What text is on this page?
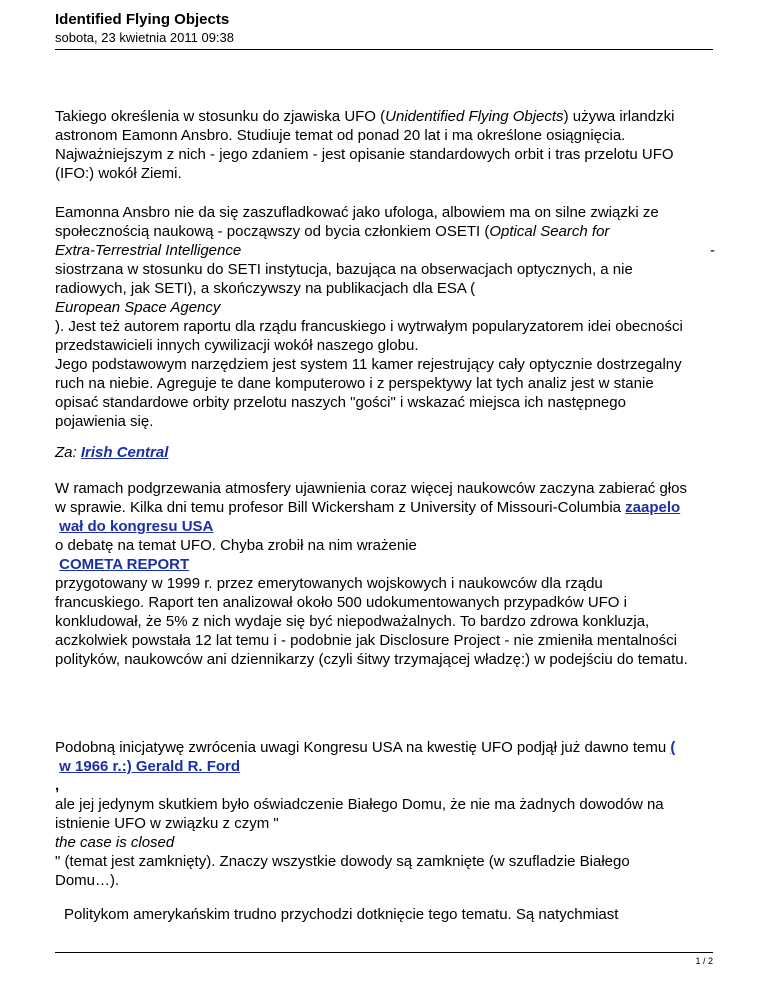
Identified Flying Objects
sobota, 23 kwietnia 2011 09:38
Takiego określenia w stosunku do zjawiska UFO (Unidentified Flying Objects) używa irlandzki
astronom Eamonn Ansbro. Studiuje temat od ponad 20 lat i ma określone osiągnięcia.
Najważniejszym z nich - jego zdaniem - jest opisanie standardowych orbit i tras przelotu UFO
(IFO:) wokół Ziemi.
Eamonna Ansbro nie da się zaszufladkować jako ufologa, albowiem ma on silne związki ze
społecznością naukową - począwszy od bycia członkiem OSETI (Optical Search for
Extra-Terrestrial Intelligence	-
siostrzana w stosunku do SETI instytucja, bazująca na obserwacjach optycznych, a nie
radiowych, jak SETI), a skończywszy na publikacjach dla ESA (
European Space Agency
). Jest też autorem raportu dla rządu francuskiego i wytrwałym popularyzatorem idei obecności
przedstawicieli innych cywilizacji wokół naszego globu.
Jego podstawowym narzędziem jest system 11 kamer rejestrujący cały optycznie dostrzegalny
ruch na niebie. Agreguje te dane komputerowo i z perspektywy lat tych analiz jest w stanie
opisać standardowe orbity przelotu naszych "gości" i wskazać miejsca ich następnego
pojawienia się.
Za: Irish Central
W ramach podgrzewania atmosfery ujawnienia coraz więcej naukowców zaczyna zabierać głos
w sprawie. Kilka dni temu profesor Bill Wickersham z University of Missouri-Columbia zaapelo
wał do kongresu USA
o debatę na temat UFO. Chyba zrobił na nim wrażenie
COMETA REPORT
przygotowany w 1999 r. przez emerytowanych wojskowych i naukowców dla rządu
francuskiego. Raport ten analizował około 500 udokumentowanych przypadków UFO i
konkludował, że 5% z nich wydaje się być niepodważalnych. To bardzo zdrowa konkluzja,
aczkolwiek powstała 12 lat temu i - podobnie jak Disclosure Project - nie zmieniła mentalności
polityków, naukowców ani dziennikarzy (czyli śitwy trzymającej władzę:) w podejściu do tematu.
Podobną inicjatywę zwrócenia uwagi Kongresu USA na kwestię UFO podjął już dawno temu (
w 1966 r.:) Gerald R. Ford
,
ale jej jedynym skutkiem było oświadczenie Białego Domu, że nie ma żadnych dowodów na
istnienie UFO w związku z czym "
the case is closed
" (temat jest zamknięty). Znaczy wszystkie dowody są zamknięte (w szufladzie Białego
Domu…).
Politykom amerykańskim trudno przychodzi dotknięcie tego tematu. Są natychmiast
1 / 2
